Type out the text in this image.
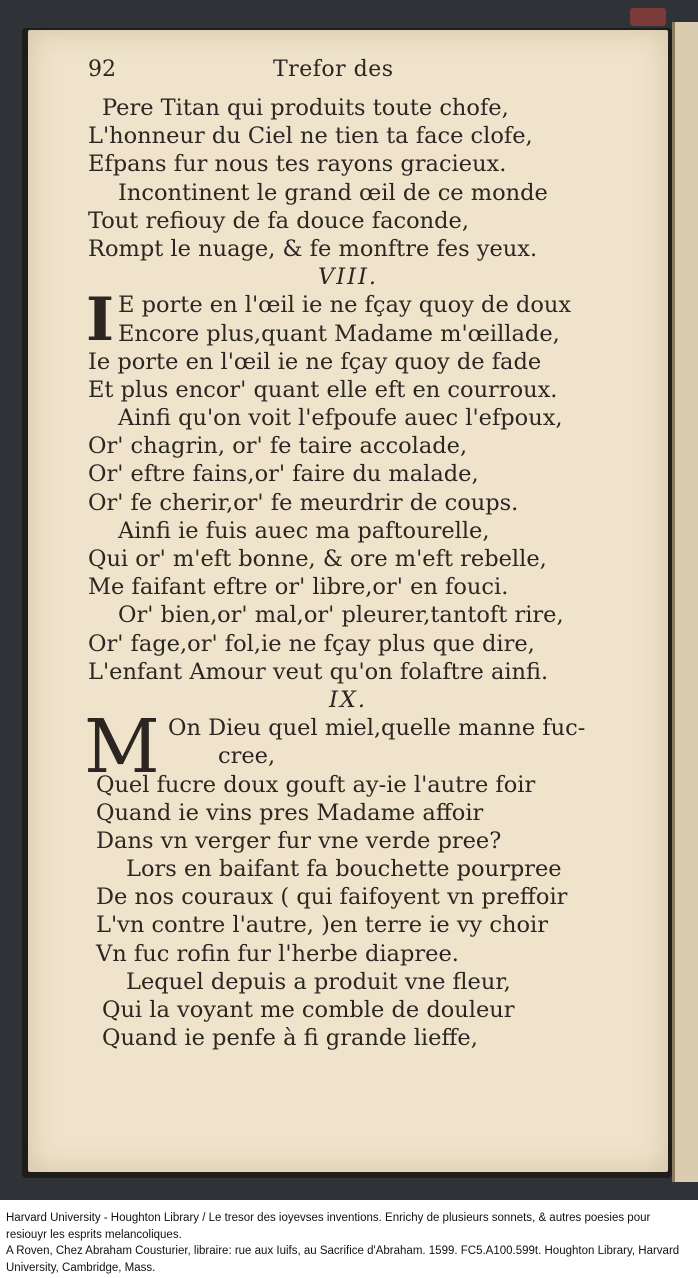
92	Trefor des
Pere Titan qui produits toute chofe,
L'honneur du Ciel ne tien ta face clofe,
Efpans fur nous tes rayons gracieux.
Incontinent le grand œil de ce monde
Tout refiouy de fa douce faconde,
Rompt le nuage, & fe monftre fes yeux.
VIII.
I E porte en l'œil ie ne fçay quoy de doux
Encore plus,quant Madame m'œillade,
Ie porte en l'œil ie ne fçay quoy de fade
Et plus encor' quant elle eft en courroux.
Ainfi qu'on voit l'efpoufe auec l'efpoux,
Or' chagrin, or' fe taire accolade,
Or' eftre fains,or' faire du malade,
Or' fe cherir,or' fe meurdrir de coups.
Ainfi ie fuis auec ma paftourelle,
Qui or' m'eft bonne, & ore m'eft rebelle,
Me faifant eftre or' libre,or' en fouci.
Or' bien,or' mal,or' pleurer,tantoft rire,
Or' fage,or' fol,ie ne fçay plus que dire,
L'enfant Amour veut qu'on folaftre ainfi.
IX.
M On Dieu quel miel,quelle manne fuc-
cree,
Quel fucre doux gouft ay-ie l'autre foir
Quand ie vins pres Madame affoir
Dans vn verger fur vne verde pree?
Lors en baifant fa bouchette pourpree
De nos couraux ( qui faifoyent vn preffoir
L'vn contre l'autre, )en terre ie vy choir
Vn fuc rofin fur l'herbe diapree.
Lequel depuis a produit vne fleur,
Qui la voyant me comble de douleur
Quand ie penfe à fi grande lieffe,
Harvard University - Houghton Library / Le tresor des ioyevses inventions. Enrichy de plusieurs sonnets, & autres poesies pour resiouyr les esprits melancoliques.
A Roven, Chez Abraham Cousturier, libraire: rue aux Iuifs, au Sacrifice d'Abraham. 1599. FC5.A100.599t. Houghton Library, Harvard University, Cambridge, Mass.
